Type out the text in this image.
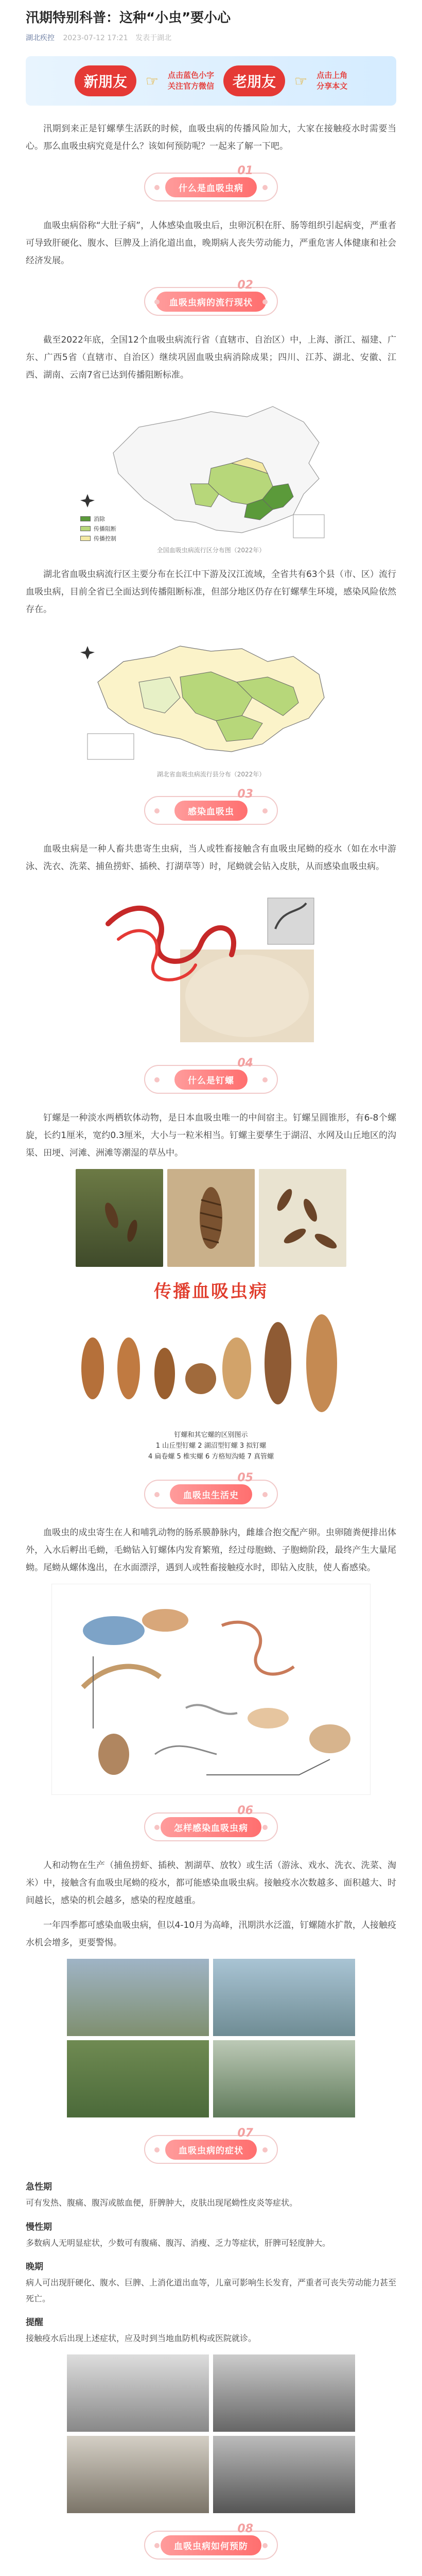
汛期特别科普：这种“小虫”要小心
湖北疾控 2023-07-12 17:21 发表于湖北
新朋友	☞ 点击蓝色小字
关注官方微信	老朋友	☞ 点击上角
分享本文

汛期到来正是钉螺孳生活跃的时候，血吸虫病的传播风险加大，大家在接触疫水时需要当心。那么血吸虫病究竟是什么？该如何预防呢？一起来了解一下吧。

01
什么是血吸虫病

血吸虫病俗称“大肚子病”，人体感染血吸虫后，虫卵沉积在肝、肠等组织引起病变，严重者可导致肝硬化、腹水、巨脾及上消化道出血，晚期病人丧失劳动能力，严重危害人体健康和社会经济发展。

02
血吸虫病的流行现状

截至2022年底，全国12个血吸虫病流行省（直辖市、自治区）中，上海、浙江、福建、广东、广西5省（直辖市、自治区）继续巩固血吸虫病消除成果；四川、江苏、湖北、安徽、江西、湖南、云南7省已达到传播阻断标准。

消除
传播阻断
传播控制
全国血吸虫病流行区分布图（2022年）

湖北省血吸虫病流行区主要分布在长江中下游及汉江流域，全省共有63个县（市、区）流行血吸虫病，目前全省已全面达到传播阻断标准，但部分地区仍存在钉螺孳生环境，感染风险依然存在。

湖北省血吸虫病流行县分布（2022年）
03
感染血吸虫

血吸虫病是一种人畜共患寄生虫病，当人或牲畜接触含有血吸虫尾蚴的疫水（如在水中游泳、洗衣、洗菜、捕鱼捞虾、插秧、打湖草等）时，尾蚴就会钻入皮肤，从而感染血吸虫病。

04
什么是钉螺

钉螺是一种淡水两栖软体动物，是日本血吸虫唯一的中间宿主。钉螺呈圆锥形，有6-8个螺旋，长约1厘米，宽约0.3厘米，大小与一粒米相当。钉螺主要孳生于湖沼、水网及山丘地区的沟渠、田埂、河滩、洲滩等潮湿的草丛中。

传播血吸虫病
钉螺和其它螺的区别图示
1 山丘型钉螺 2 湖沼型钉螺 3 拟钉螺
4 扁卷螺 5 椎实螺 6 方格短沟蜷 7 真管螺
05
血吸虫生活史

血吸虫的成虫寄生在人和哺乳动物的肠系膜静脉内，雌雄合抱交配产卵。虫卵随粪便排出体外，入水后孵出毛蚴，毛蚴钻入钉螺体内发育繁殖，经过母胞蚴、子胞蚴阶段，最终产生大量尾蚴。尾蚴从螺体逸出，在水面漂浮，遇到人或牲畜接触疫水时，即钻入皮肤，使人畜感染。

06
怎样感染血吸虫病

人和动物在生产（捕鱼捞虾、插秧、割湖草、放牧）或生活（游泳、戏水、洗衣、洗菜、淘米）中，接触含有血吸虫尾蚴的疫水，都可能感染血吸虫病。接触疫水次数越多、面积越大、时间越长，感染的机会越多，感染的程度越重。

一年四季都可感染血吸虫病，但以4-10月为高峰，汛期洪水泛滥，钉螺随水扩散，人接触疫水机会增多，更要警惕。

07
血吸虫病的症状
急性期

可有发热、腹痛、腹泻或脓血便，肝脾肿大，皮肤出现尾蚴性皮炎等症状。

慢性期

多数病人无明显症状，少数可有腹痛、腹泻、消瘦、乏力等症状，肝脾可轻度肿大。

晚期

病人可出现肝硬化、腹水、巨脾、上消化道出血等，儿童可影响生长发育，严重者可丧失劳动能力甚至死亡。

提醒

接触疫水后出现上述症状，应及时到当地血防机构或医院就诊。

08
血吸虫病如何预防
